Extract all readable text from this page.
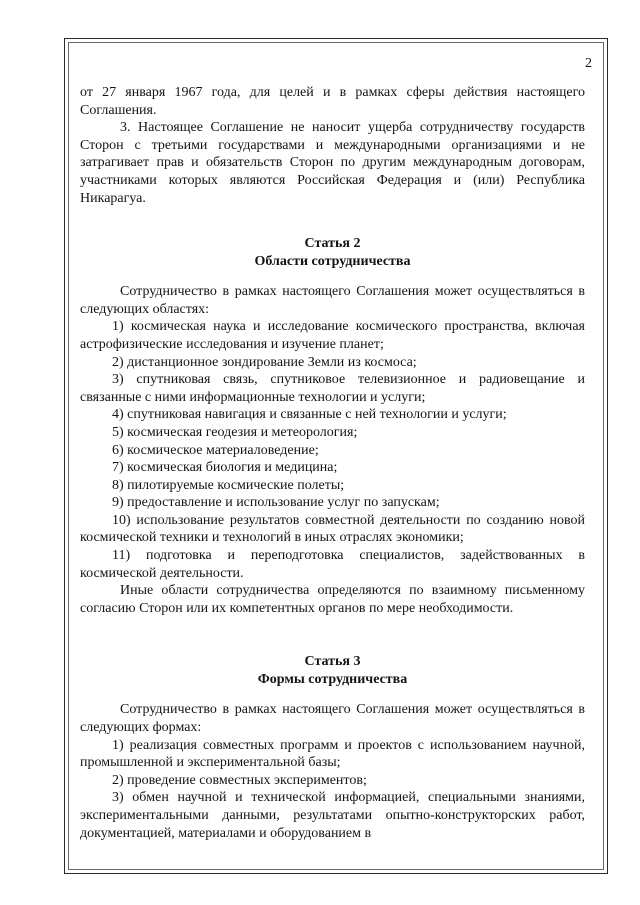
2

от 27 января 1967 года, для целей и в рамках сферы действия настоящего Соглашения.

3. Настоящее Соглашение не наносит ущерба сотрудничеству государств Сторон с третьими государствами и международными организациями и не затрагивает прав и обязательств Сторон по другим международным договорам, участниками которых являются Российская Федерация и (или) Республика Никарагуа.

Статья 2
Области сотрудничества

Сотрудничество в рамках настоящего Соглашения может осуществляться в следующих областях:

1) космическая наука и исследование космического пространства, включая астрофизические исследования и изучение планет;

2) дистанционное зондирование Земли из космоса;

3) спутниковая связь, спутниковое телевизионное и радиовещание и связанные с ними информационные технологии и услуги;

4) спутниковая навигация и связанные с ней технологии и услуги;

5) космическая геодезия и метеорология;

6) космическое материаловедение;

7) космическая биология и медицина;

8) пилотируемые космические полеты;

9) предоставление и использование услуг по запускам;

10) использование результатов совместной деятельности по созданию новой космической техники и технологий в иных отраслях экономики;

11) подготовка и переподготовка специалистов, задействованных в космической деятельности.

Иные области сотрудничества определяются по взаимному письменному согласию Сторон или их компетентных органов по мере необходимости.

Статья 3
Формы сотрудничества

Сотрудничество в рамках настоящего Соглашения может осуществляться в следующих формах:

1) реализация совместных программ и проектов с использованием научной, промышленной и экспериментальной базы;

2) проведение совместных экспериментов;

3) обмен научной и технической информацией, специальными знаниями, экспериментальными данными, результатами опытно-конструкторских работ, документацией, материалами и оборудованием в
